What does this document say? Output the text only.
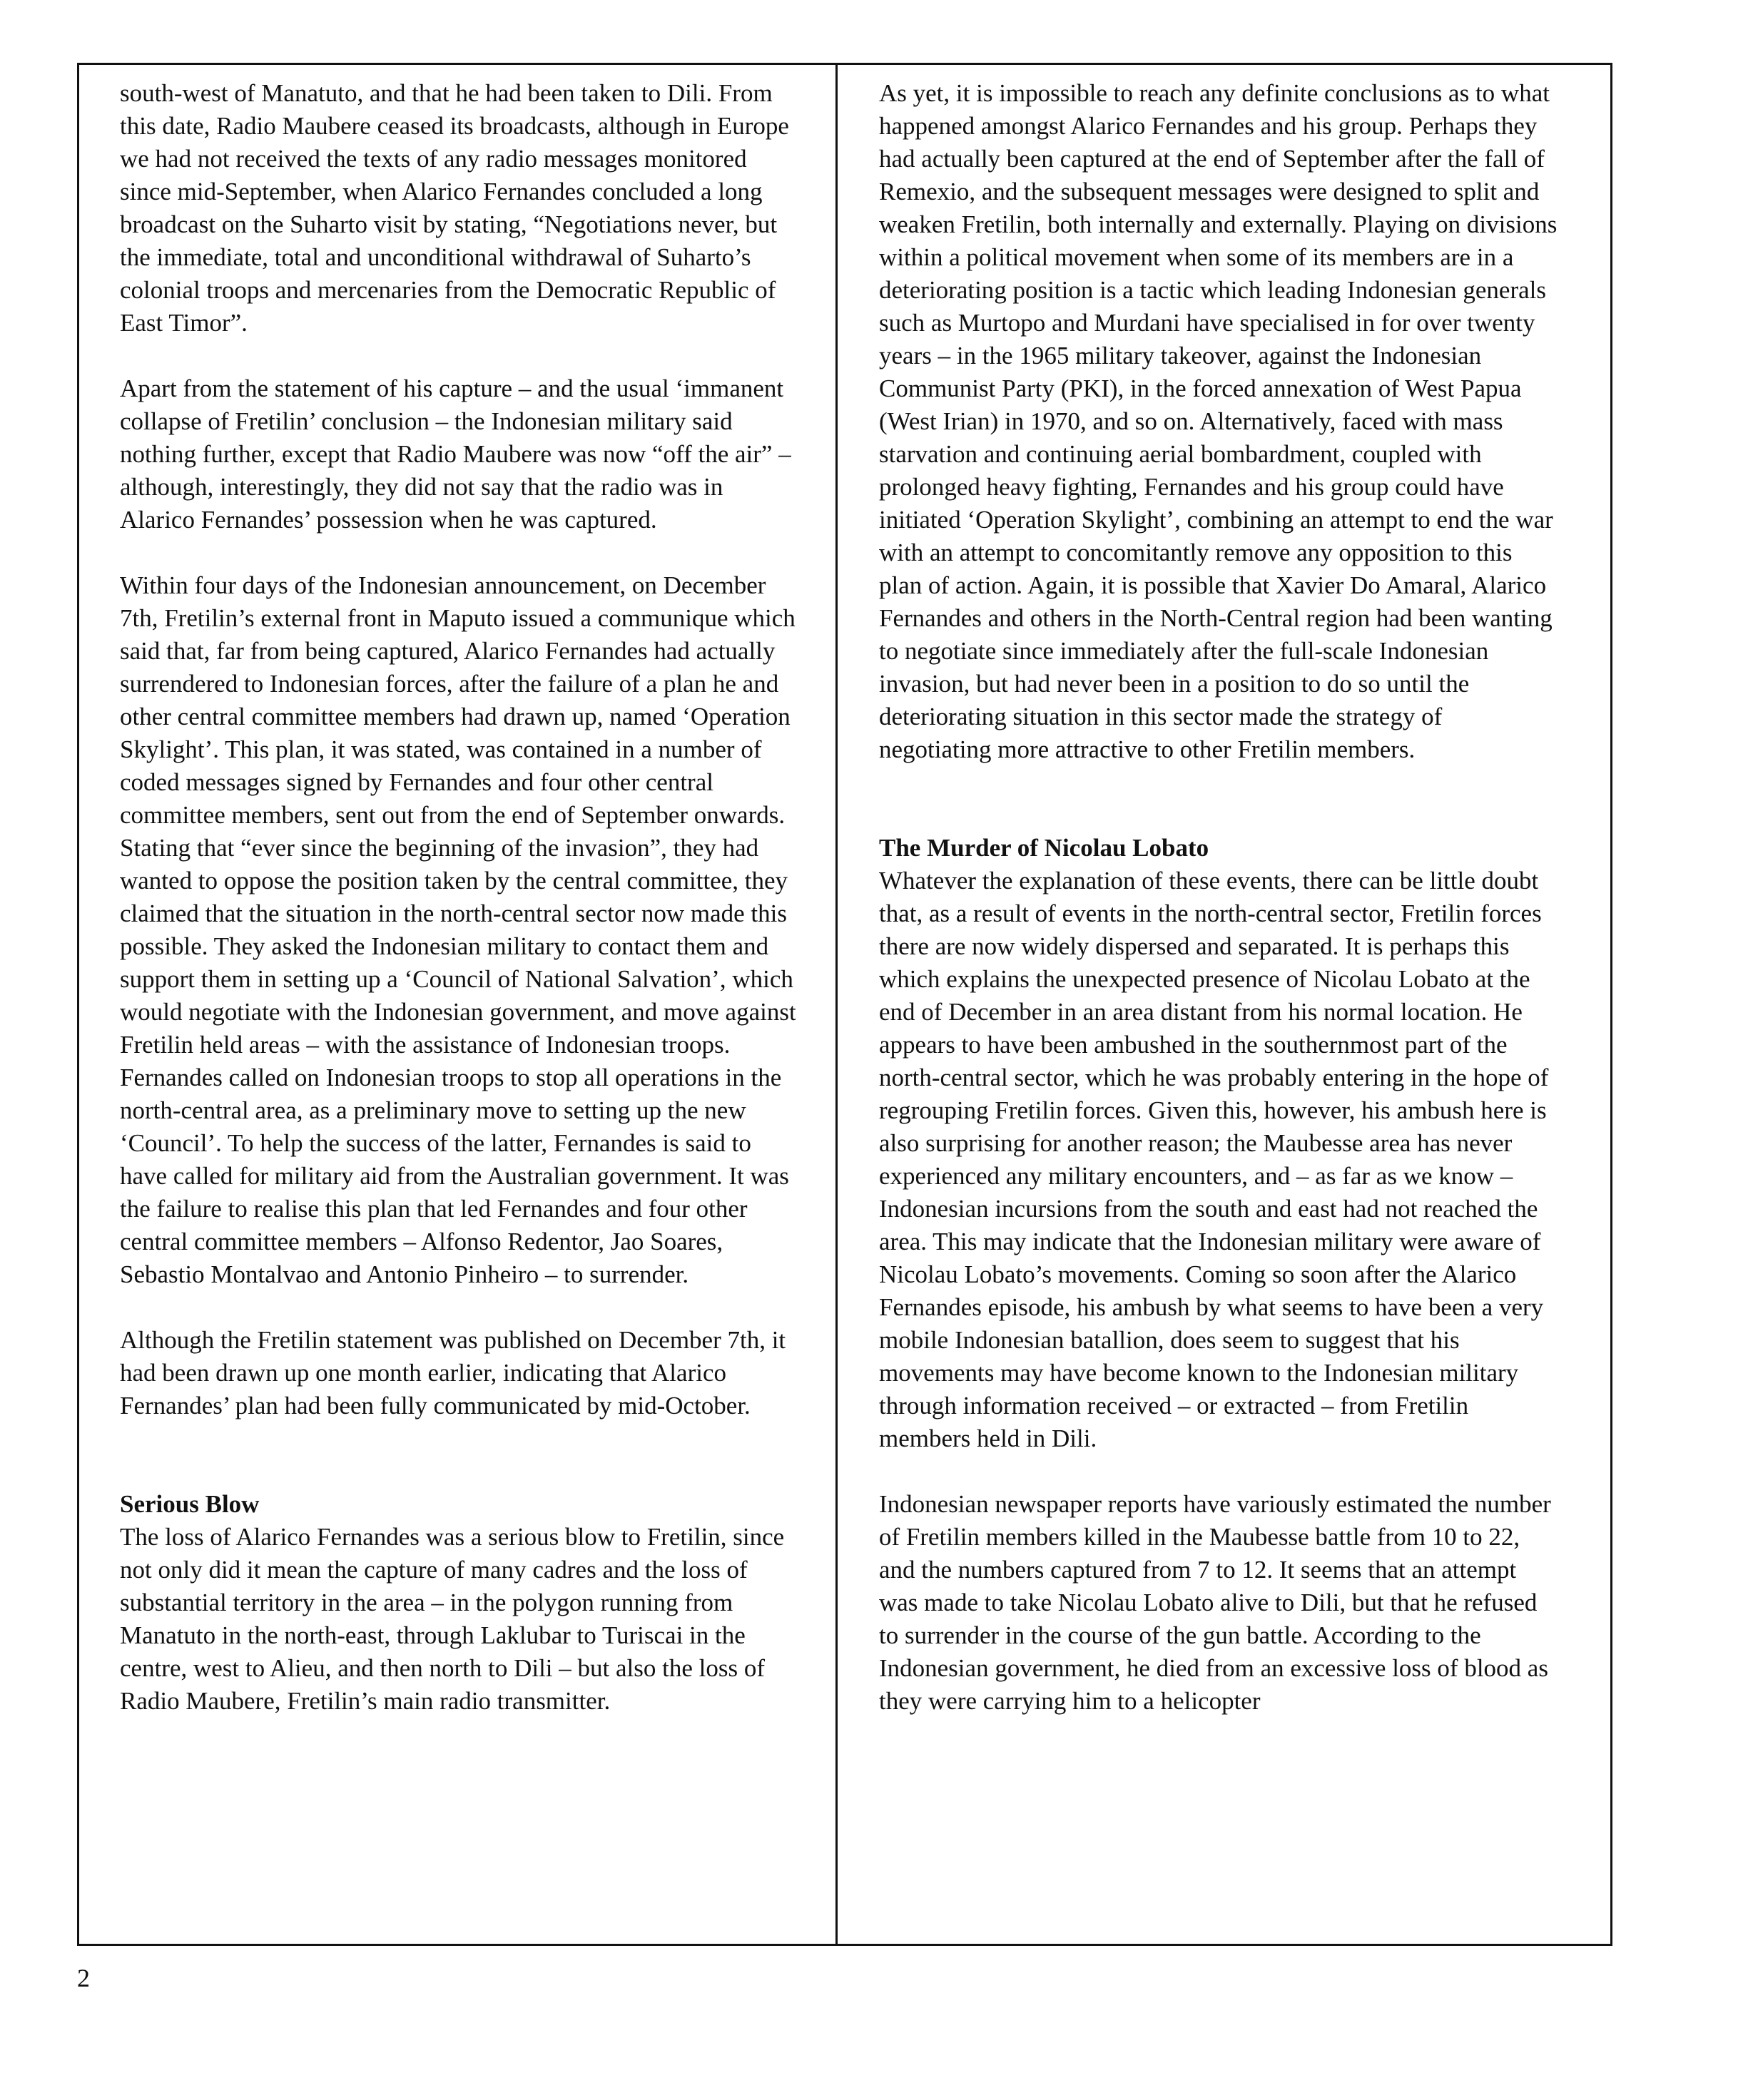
south-west of Manatuto, and that he had been taken to Dili. From this date, Radio Maubere ceased its broadcasts, although in Europe we had not received the texts of any radio messages monitored since mid-September, when Alarico Fernandes concluded a long broadcast on the Suharto visit by stating, “Negotiations never, but the immediate, total and unconditional withdrawal of Suharto’s colonial troops and mercenaries from the Democratic Republic of East Timor”.

Apart from the statement of his capture – and the usual ‘immanent collapse of Fretilin’ conclusion – the Indonesian military said nothing further, except that Radio Maubere was now “off the air” – although, interestingly, they did not say that the radio was in Alarico Fernandes’ possession when he was captured.

Within four days of the Indonesian announcement, on December 7th, Fretilin’s external front in Maputo issued a communique which said that, far from being captured, Alarico Fernandes had actually surrendered to Indonesian forces, after the failure of a plan he and other central committee members had drawn up, named ‘Operation Skylight’. This plan, it was stated, was contained in a number of coded messages signed by Fernandes and four other central committee members, sent out from the end of September onwards. Stating that “ever since the beginning of the invasion”, they had wanted to oppose the position taken by the central committee, they claimed that the situation in the north-central sector now made this possible. They asked the Indonesian military to contact them and support them in setting up a ‘Council of National Salvation’, which would negotiate with the Indonesian government, and move against Fretilin held areas – with the assistance of Indonesian troops. Fernandes called on Indonesian troops to stop all operations in the north-central area, as a preliminary move to setting up the new ‘Council’. To help the success of the latter, Fernandes is said to have called for military aid from the Australian government. It was the failure to realise this plan that led Fernandes and four other central committee members – Alfonso Redentor, Jao Soares, Sebastio Montalvao and Antonio Pinheiro – to surrender.

Although the Fretilin statement was published on December 7th, it had been drawn up one month earlier, indicating that Alarico Fernandes’ plan had been fully communicated by mid-October.

Serious Blow

The loss of Alarico Fernandes was a serious blow to Fretilin, since not only did it mean the capture of many cadres and the loss of substantial territory in the area – in the polygon running from Manatuto in the north-east, through Laklubar to Turiscai in the centre, west to Alieu, and then north to Dili – but also the loss of Radio Maubere, Fretilin’s main radio transmitter.

As yet, it is impossible to reach any definite conclusions as to what happened amongst Alarico Fernandes and his group. Perhaps they had actually been captured at the end of September after the fall of Remexio, and the subsequent messages were designed to split and weaken Fretilin, both internally and externally. Playing on divisions within a political movement when some of its members are in a deteriorating position is a tactic which leading Indonesian generals such as Murtopo and Murdani have specialised in for over twenty years – in the 1965 military takeover, against the Indonesian Communist Party (PKI), in the forced annexation of West Papua (West Irian) in 1970, and so on. Alternatively, faced with mass starvation and continuing aerial bombardment, coupled with prolonged heavy fighting, Fernandes and his group could have initiated ‘Operation Skylight’, combining an attempt to end the war with an attempt to concomitantly remove any opposition to this plan of action. Again, it is possible that Xavier Do Amaral, Alarico Fernandes and others in the North-Central region had been wanting to negotiate since immediately after the full-scale Indonesian invasion, but had never been in a position to do so until the deteriorating situation in this sector made the strategy of negotiating more attractive to other Fretilin members.

The Murder of Nicolau Lobato

Whatever the explanation of these events, there can be little doubt that, as a result of events in the north-central sector, Fretilin forces there are now widely dispersed and separated. It is perhaps this which explains the unexpected presence of Nicolau Lobato at the end of December in an area distant from his normal location. He appears to have been ambushed in the southernmost part of the north-central sector, which he was probably entering in the hope of regrouping Fretilin forces. Given this, however, his ambush here is also surprising for another reason; the Maubesse area has never experienced any military encounters, and – as far as we know – Indonesian incursions from the south and east had not reached the area. This may indicate that the Indonesian military were aware of Nicolau Lobato’s movements. Coming so soon after the Alarico Fernandes episode, his ambush by what seems to have been a very mobile Indonesian batallion, does seem to suggest that his movements may have become known to the Indonesian military through information received – or extracted – from Fretilin members held in Dili.

Indonesian newspaper reports have variously estimated the number of Fretilin members killed in the Maubesse battle from 10 to 22, and the numbers captured from 7 to 12. It seems that an attempt was made to take Nicolau Lobato alive to Dili, but that he refused to surrender in the course of the gun battle. According to the Indonesian government, he died from an excessive loss of blood as they were carrying him to a helicopter

2
